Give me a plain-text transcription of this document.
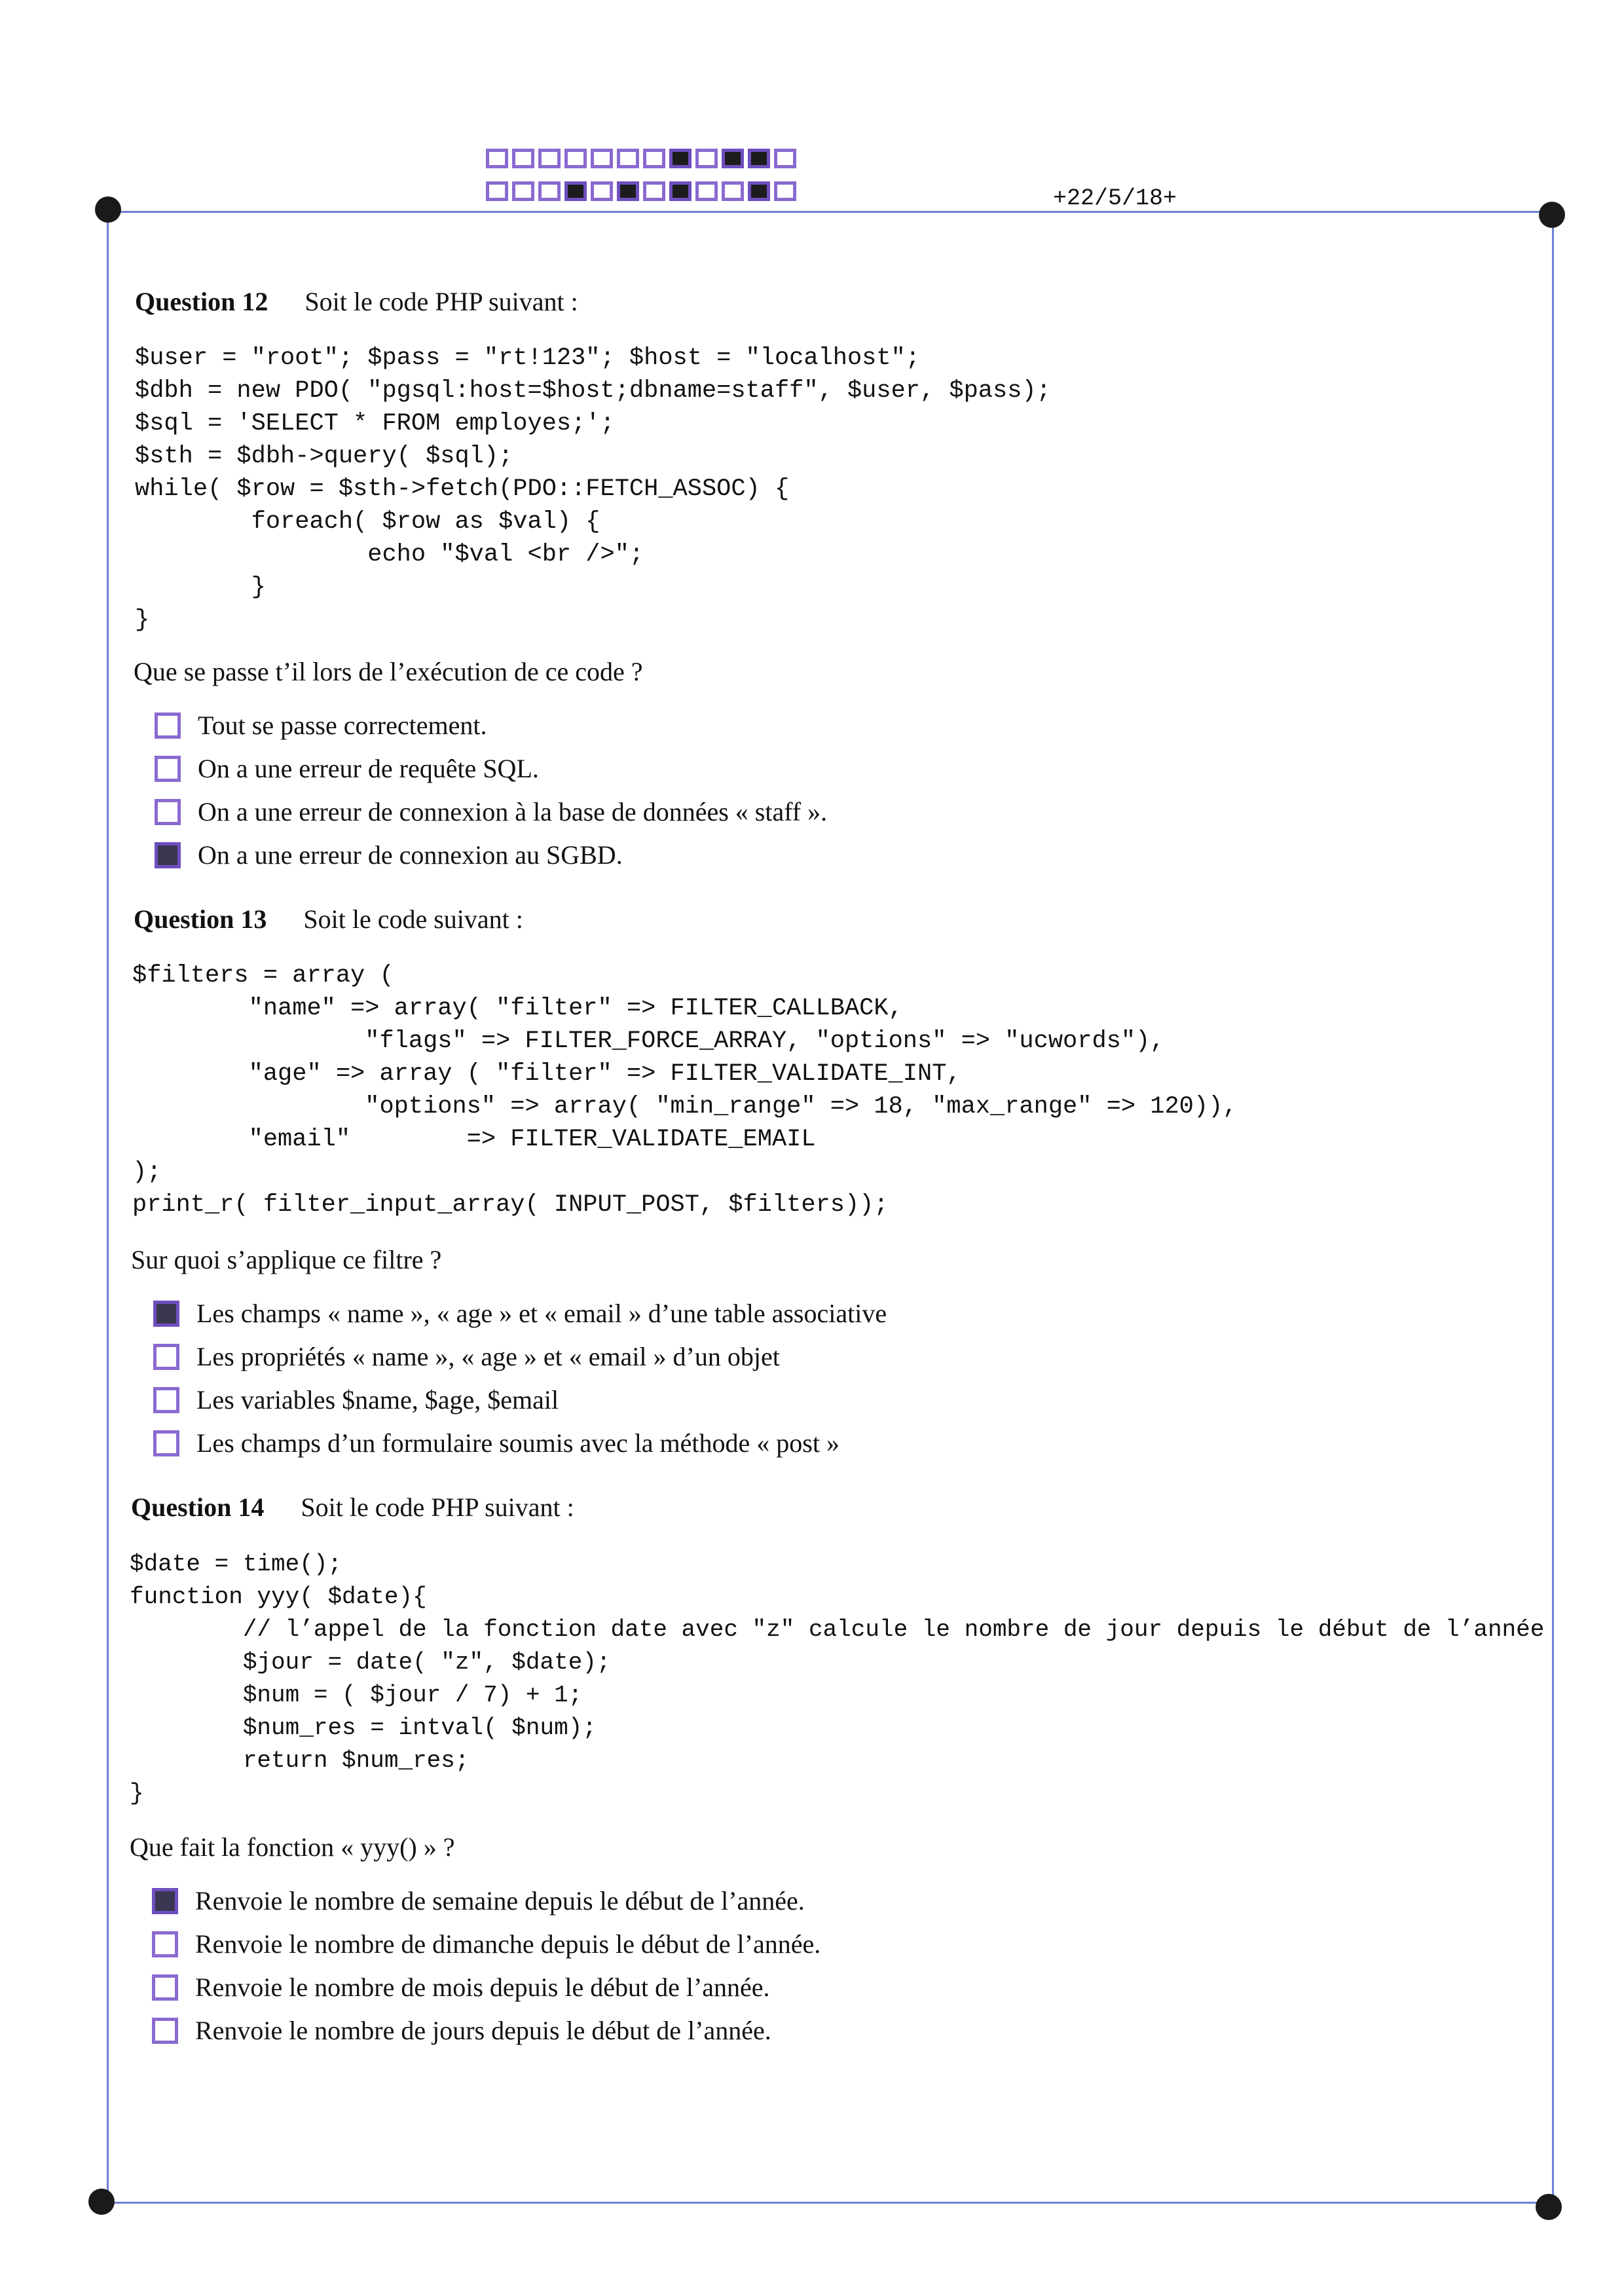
+22/5/18+
Question 12 Soit le code PHP suivant :
$user = "root"; $pass = "rt!123"; $host = "localhost";
$dbh = new PDO( "pgsql:host=$host;dbname=staff", $user, $pass);
$sql = 'SELECT * FROM employes;';
$sth = $dbh->query( $sql);
while( $row = $sth->fetch(PDO::FETCH_ASSOC) {
foreach( $row as $val) {
echo "$val <br />";
}
}
Que se passe t’il lors de l’exécution de ce code ?
Tout se passe correctement.
On a une erreur de requête SQL.
On a une erreur de connexion à la base de données « staff ».
On a une erreur de connexion au SGBD.
Question 13 Soit le code suivant :
$filters = array (
"name" => array( "filter" => FILTER_CALLBACK,
"flags" => FILTER_FORCE_ARRAY, "options" => "ucwords"),
"age" => array ( "filter" => FILTER_VALIDATE_INT,
"options" => array( "min_range" => 18, "max_range" => 120)),
"email"        => FILTER_VALIDATE_EMAIL
);
print_r( filter_input_array( INPUT_POST, $filters));
Sur quoi s’applique ce filtre ?
Les champs « name », « age » et « email » d’une table associative
Les propriétés « name », « age » et « email » d’un objet
Les variables $name, $age, $email
Les champs d’un formulaire soumis avec la méthode « post »
Question 14 Soit le code PHP suivant :
$date = time();
function yyy( $date){
// l’appel de la fonction date avec "z" calcule le nombre de jour depuis le début de l’année
$jour = date( "z", $date);
$num = ( $jour / 7) + 1;
$num_res = intval( $num);
return $num_res;
}
Que fait la fonction « yyy() » ?
Renvoie le nombre de semaine depuis le début de l’année.
Renvoie le nombre de dimanche depuis le début de l’année.
Renvoie le nombre de mois depuis le début de l’année.
Renvoie le nombre de jours depuis le début de l’année.
